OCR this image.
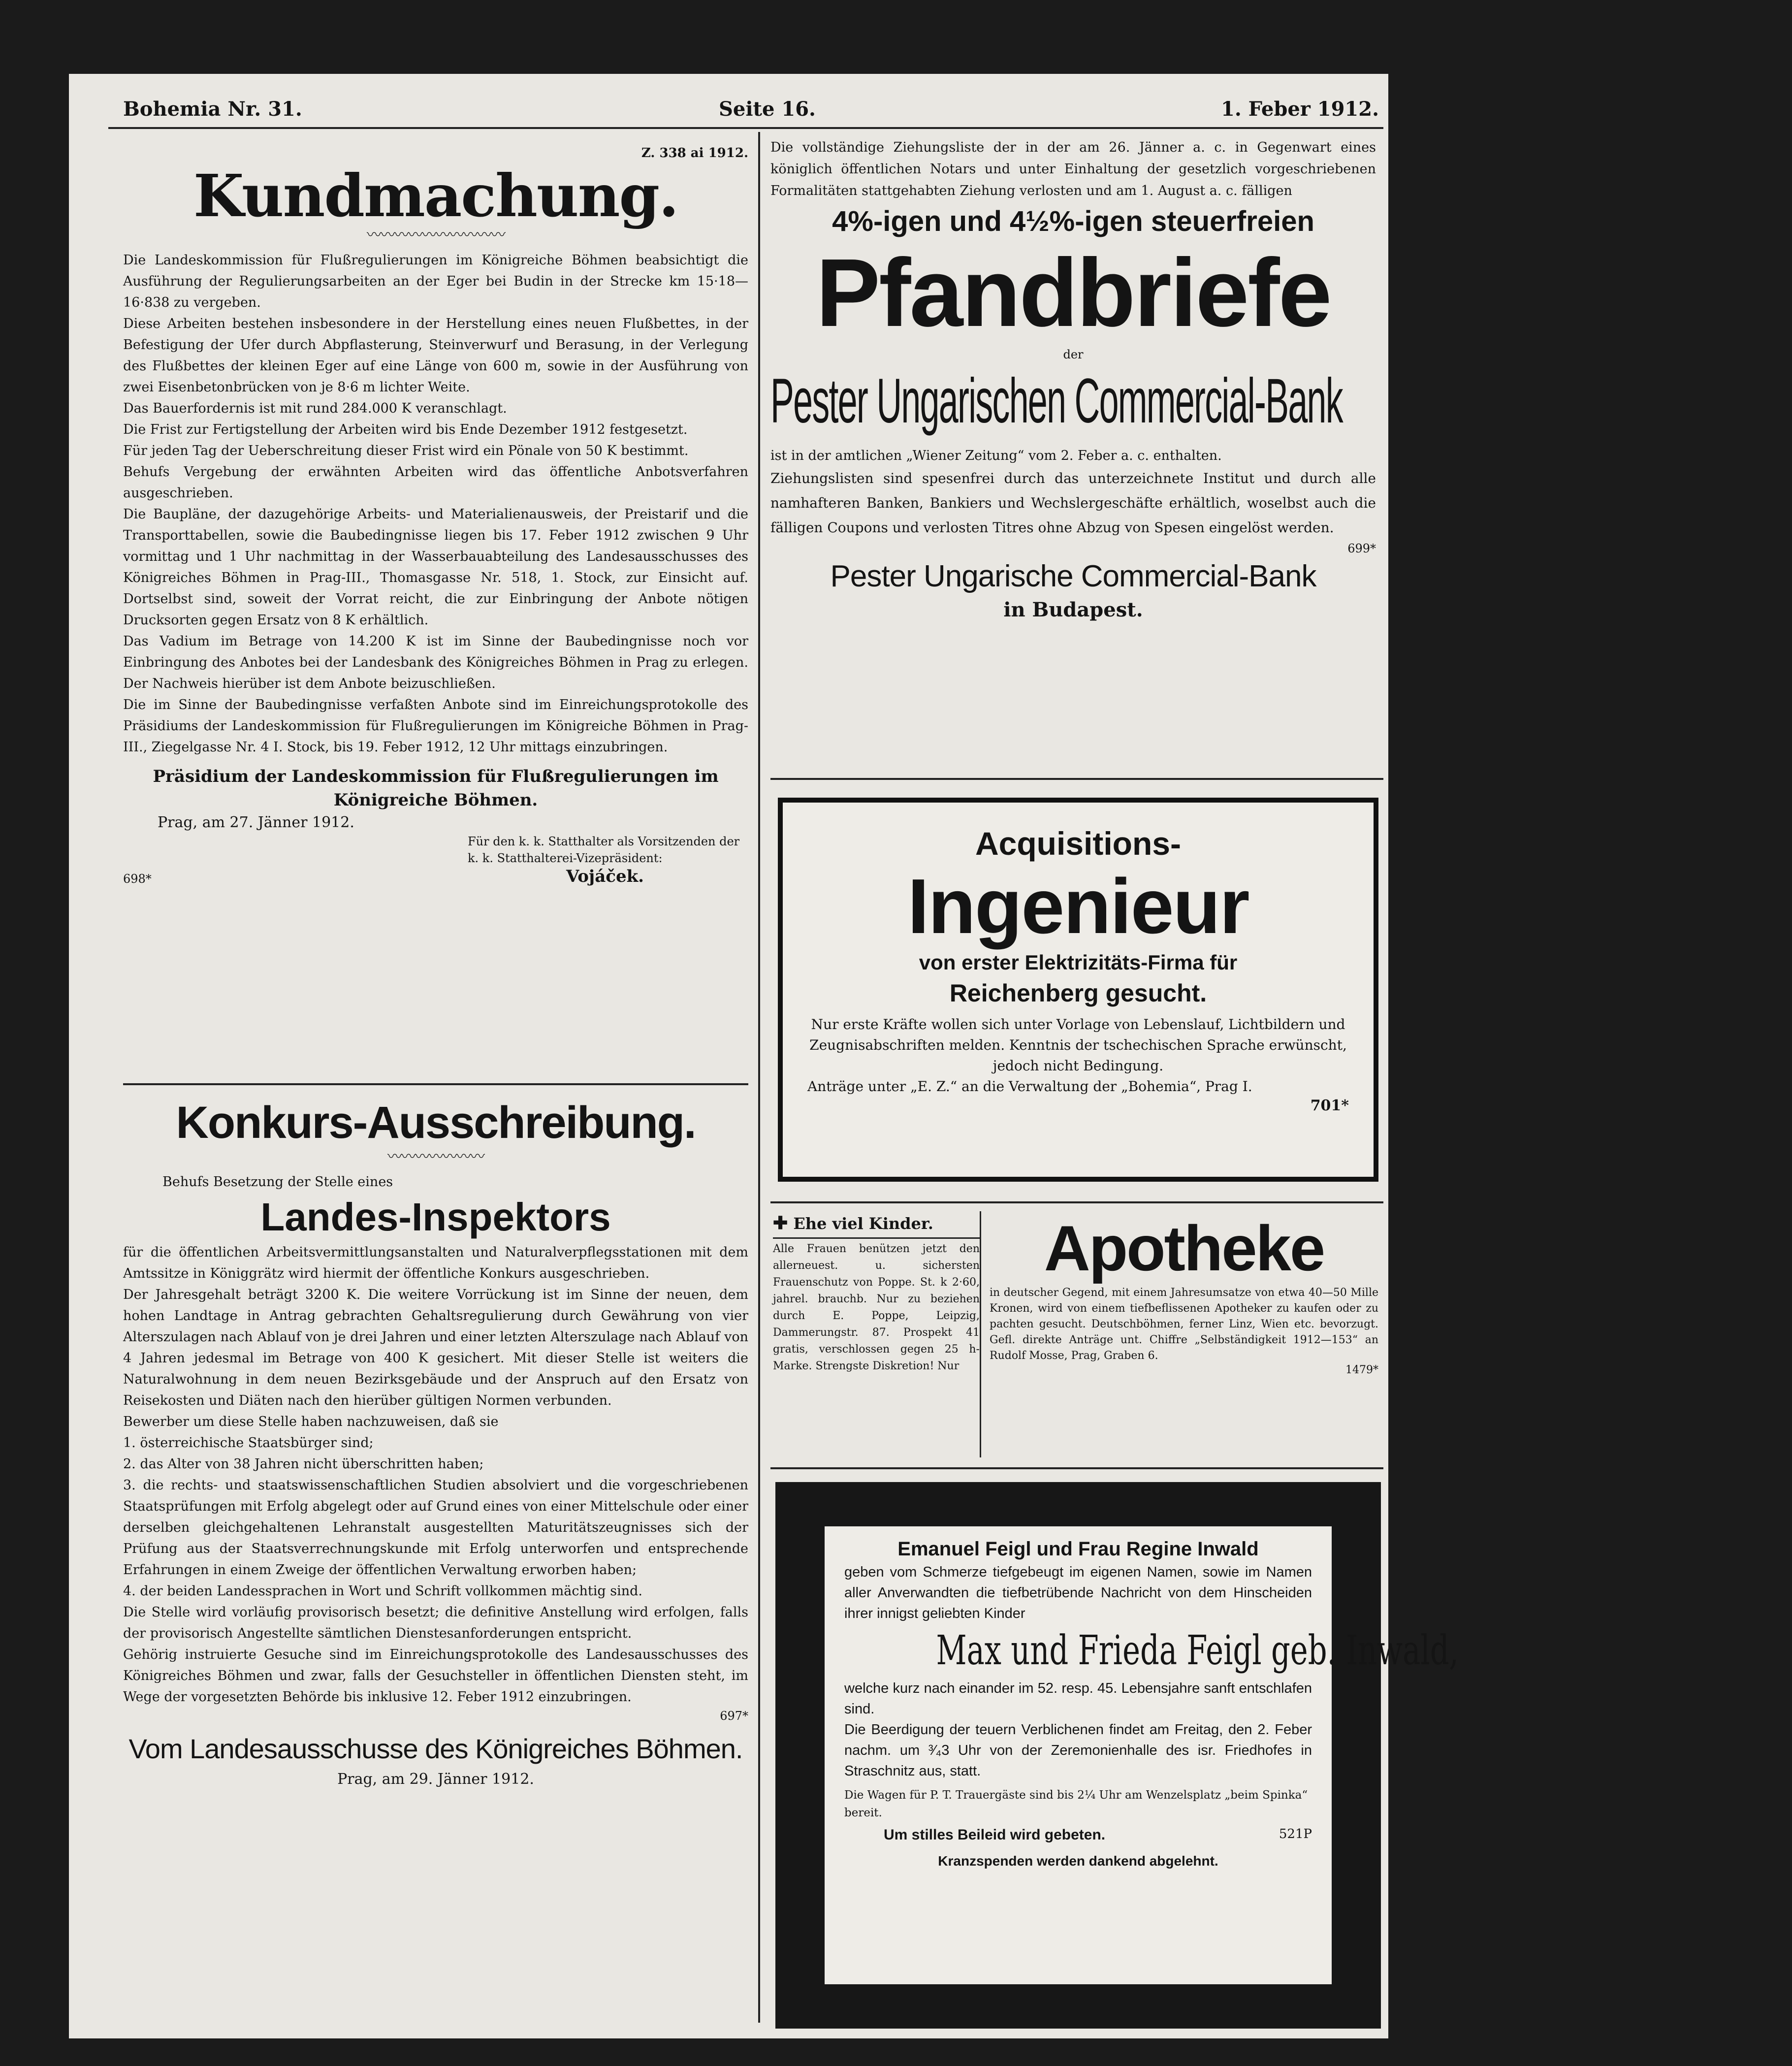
Bohemia Nr. 31.	Seite 16.	1. Feber 1912.

Z. 338 ai 1912.

Kundmachung.

〰〰〰〰〰〰〰〰〰〰

Die Landeskommission für Flußregulierungen im Königreiche Böhmen beabsichtigt die Ausführung der Regulierungsarbeiten an der Eger bei Budin in der Strecke km 15·18—16·838 zu vergeben.

Diese Arbeiten bestehen insbesondere in der Herstellung eines neuen Flußbettes, in der Befestigung der Ufer durch Abpflasterung, Steinverwurf und Berasung, in der Verlegung des Flußbettes der kleinen Eger auf eine Länge von 600 m, sowie in der Ausführung von zwei Eisenbetonbrücken von je 8·6 m lichter Weite.

Das Bauerfordernis ist mit rund 284.000 K veranschlagt.

Die Frist zur Fertigstellung der Arbeiten wird bis Ende Dezember 1912 festgesetzt.

Für jeden Tag der Ueberschreitung dieser Frist wird ein Pönale von 50 K bestimmt.

Behufs Vergebung der erwähnten Arbeiten wird das öffentliche Anbotsverfahren ausgeschrieben.

Die Baupläne, der dazugehörige Arbeits- und Materialienausweis, der Preistarif und die Transporttabellen, sowie die Baubedingnisse liegen bis 17. Feber 1912 zwischen 9 Uhr vormittag und 1 Uhr nachmittag in der Wasserbauabteilung des Landesausschusses des Königreiches Böhmen in Prag-III., Thomasgasse Nr. 518, 1. Stock, zur Einsicht auf. Dortselbst sind, soweit der Vorrat reicht, die zur Einbringung der Anbote nötigen Drucksorten gegen Ersatz von 8 K erhältlich.

Das Vadium im Betrage von 14.200 K ist im Sinne der Baubedingnisse noch vor Einbringung des Anbotes bei der Landesbank des Königreiches Böhmen in Prag zu erlegen. Der Nachweis hierüber ist dem Anbote beizuschließen.

Die im Sinne der Baubedingnisse verfaßten Anbote sind im Einreichungsprotokolle des Präsidiums der Landeskommission für Flußregulierungen im Königreiche Böhmen in Prag-III., Ziegelgasse Nr. 4 I. Stock, bis 19. Feber 1912, 12 Uhr mittags einzubringen.

Präsidium der Landeskommission für Flußregulierungen im Königreiche Böhmen.

Prag, am 27. Jänner 1912.

Für den k. k. Statthalter als Vorsitzenden der k. k. Statthalterei-Vizepräsident:

698*	Vojáček.

Konkurs-Ausschreibung.

〰〰〰〰〰〰〰

Behufs Besetzung der Stelle eines

Landes-Inspektors

für die öffentlichen Arbeitsvermittlungsanstalten und Naturalverpflegsstationen mit dem Amtssitze in Königgrätz wird hiermit der öffentliche Konkurs ausgeschrieben.

Der Jahresgehalt beträgt 3200 K. Die weitere Vorrückung ist im Sinne der neuen, dem hohen Landtage in Antrag gebrachten Gehaltsregulierung durch Gewährung von vier Alterszulagen nach Ablauf von je drei Jahren und einer letzten Alterszulage nach Ablauf von 4 Jahren jedesmal im Betrage von 400 K gesichert. Mit dieser Stelle ist weiters die Naturalwohnung in dem neuen Bezirksgebäude und der Anspruch auf den Ersatz von Reisekosten und Diäten nach den hierüber gültigen Normen verbunden.

Bewerber um diese Stelle haben nachzuweisen, daß sie

1. österreichische Staatsbürger sind;

2. das Alter von 38 Jahren nicht überschritten haben;

3. die rechts- und staatswissenschaftlichen Studien absolviert und die vorgeschriebenen Staatsprüfungen mit Erfolg abgelegt oder auf Grund eines von einer Mittelschule oder einer derselben gleichgehaltenen Lehranstalt ausgestellten Maturitätszeugnisses sich der Prüfung aus der Staatsverrechnungskunde mit Erfolg unterworfen und entsprechende Erfahrungen in einem Zweige der öffentlichen Verwaltung erworben haben;

4. der beiden Landessprachen in Wort und Schrift vollkommen mächtig sind.

Die Stelle wird vorläufig provisorisch besetzt; die definitive Anstellung wird erfolgen, falls der provisorisch Angestellte sämtlichen Dienstesanforderungen entspricht.

Gehörig instruierte Gesuche sind im Einreichungsprotokolle des Landesausschusses des Königreiches Böhmen und zwar, falls der Gesuchsteller in öffentlichen Diensten steht, im Wege der vorgesetzten Behörde bis inklusive 12. Feber 1912 einzubringen.

697*

Vom Landesausschusse des Königreiches Böhmen.

Prag, am 29. Jänner 1912.

Die vollständige Ziehungsliste der in der am 26. Jänner a. c. in Gegenwart eines königlich öffentlichen Notars und unter Einhaltung der gesetzlich vorgeschriebenen Formalitäten stattgehabten Ziehung verlosten und am 1. August a. c. fälligen

4%-igen und 4½%-igen steuerfreien

Pfandbriefe

der

Pester Ungarischen Commercial-Bank

ist in der amtlichen „Wiener Zeitung“ vom 2. Feber a. c. enthalten.

Ziehungslisten sind spesenfrei durch das unterzeichnete Institut und durch alle namhafteren Banken, Bankiers und Wechslergeschäfte erhältlich, woselbst auch die fälligen Coupons und verlosten Titres ohne Abzug von Spesen eingelöst werden.

699*

Pester Ungarische Commercial-Bank

in Budapest.

Acquisitions-

Ingenieur

von erster Elektrizitäts-Firma für

Reichenberg gesucht.

Nur erste Kräfte wollen sich unter Vorlage von Lebenslauf, Lichtbildern und Zeugnisabschriften melden. Kenntnis der tschechischen Sprache erwünscht, jedoch nicht Bedingung.

Anträge unter „E. Z.“ an die Verwaltung der „Bohemia“, Prag I.

701*

✚ Ehe viel Kinder.

Alle Frauen benützen jetzt den allerneuest. u. sichersten Frauenschutz von Poppe. St. k 2·60, jahrel. brauchb. Nur zu beziehen durch E. Poppe, Leipzig, Dammerungstr. 87. Prospekt 41 gratis, verschlossen gegen 25 h-Marke. Strengste Diskretion! Nur

Apotheke

in deutscher Gegend, mit einem Jahresumsatze von etwa 40—50 Mille Kronen, wird von einem tiefbeflissenen Apotheker zu kaufen oder zu pachten gesucht. Deutschböhmen, ferner Linz, Wien etc. bevorzugt. Gefl. direkte Anträge unt. Chiffre „Selbständigkeit 1912—153“ an Rudolf Mosse, Prag, Graben 6.

1479*

Emanuel Feigl und Frau Regine Inwald

geben vom Schmerze tiefgebeugt im eigenen Namen, sowie im Namen aller Anverwandten die tiefbetrübende Nachricht von dem Hinscheiden ihrer innigst geliebten Kinder

Max und Frieda Feigl geb. Inwald,

welche kurz nach einander im 52. resp. 45. Lebensjahre sanft entschlafen sind.

Die Beerdigung der teuern Verblichenen findet am Freitag, den 2. Feber nachm. um ³⁄₄3 Uhr von der Zeremonienhalle des isr. Friedhofes in Straschnitz aus, statt.

Die Wagen für P. T. Trauergäste sind bis 2¼ Uhr am Wenzelsplatz „beim Spinka“ bereit.

Um stilles Beileid wird gebeten.	521P

Kranzspenden werden dankend abgelehnt.
